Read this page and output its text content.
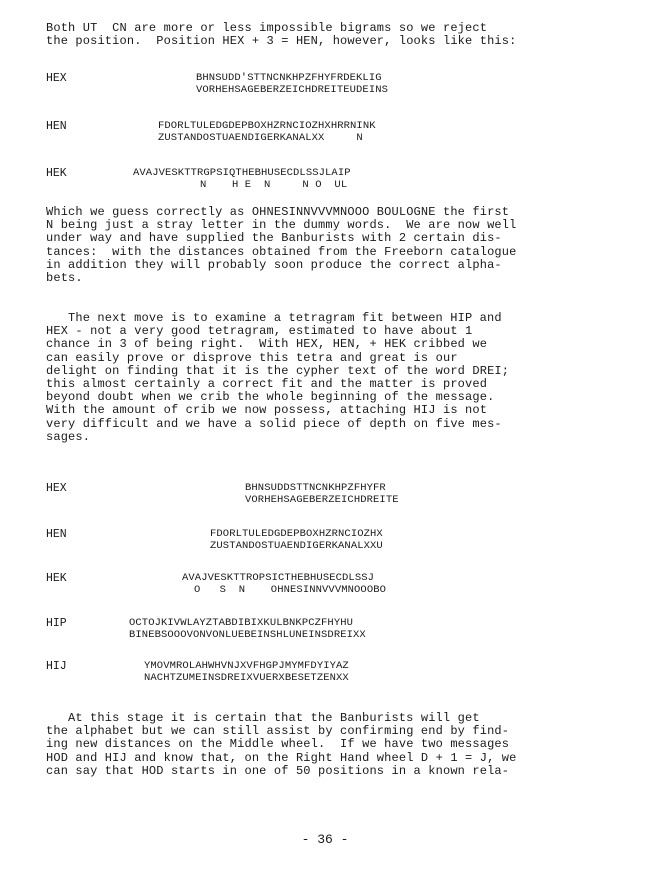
Both UT  CN are more or less impossible bigrams so we reject
the position.  Position HEX + 3 = HEN, however, looks like this:
HEX	BHNSUDD'STTNCNKHPZFHYFRDEKLIG
VORHEHSAGEBERZEICHDREITEUDEINS
HEN	FDORLTULEDGDEPBOXHZRNCIOZHXHRRNINK
ZUSTANDOSTUAENDIGERKANALXX     N
HEK	AVAJVESKTTRGPSIQTHEBHUSECDLSSJLAIP
N    H E  N     N O  UL
Which we guess correctly as OHNESINNVVVMNOOO BOULOGNE the first
N being just a stray letter in the dummy words.  We are now well
under way and have supplied the Banburists with 2 certain dis-
tances:  with the distances obtained from the Freeborn catalogue
in addition they will probably soon produce the correct alpha-
bets.
The next move is to examine a tetragram fit between HIP and
HEX - not a very good tetragram, estimated to have about 1
chance in 3 of being right.  With HEX, HEN, + HEK cribbed we
can easily prove or disprove this tetra and great is our
delight on finding that it is the cypher text of the word DREI;
this almost certainly a correct fit and the matter is proved
beyond doubt when we crib the whole beginning of the message.
With the amount of crib we now possess, attaching HIJ is not
very difficult and we have a solid piece of depth on five mes-
sages.
HEX	BHNSUDDSTTNCNKHPZFHYFR
VORHEHSAGEBERZEICHDREITE
HEN	FDORLTULEDGDEPBOXHZRNCIOZHX
ZUSTANDOSTUAENDIGERKANALXXU
HEK	AVAJVESKTTROPSICTHEBHUSECDLSSJ
O   S  N    OHNESINNVVVMNOOOBO
HIP	OCTOJKIVWLAYZTABDIBIXKULBNKPCZFHYHU
BINEBSOOOVONVONLUEBEINSHLUNEINSDREIXX
HIJ	YMOVMROLAHWHVNJXVFHGPJMYMFDYIYAZ
NACHTZUMEINSDREIXVUERXBESETZENXX
At this stage it is certain that the Banburists will get
the alphabet but we can still assist by confirming end by find-
ing new distances on the Middle wheel.  If we have two messages
HOD and HIJ and know that, on the Right Hand wheel D + 1 = J, we
can say that HOD starts in one of 50 positions in a known rela-
- 36 -
